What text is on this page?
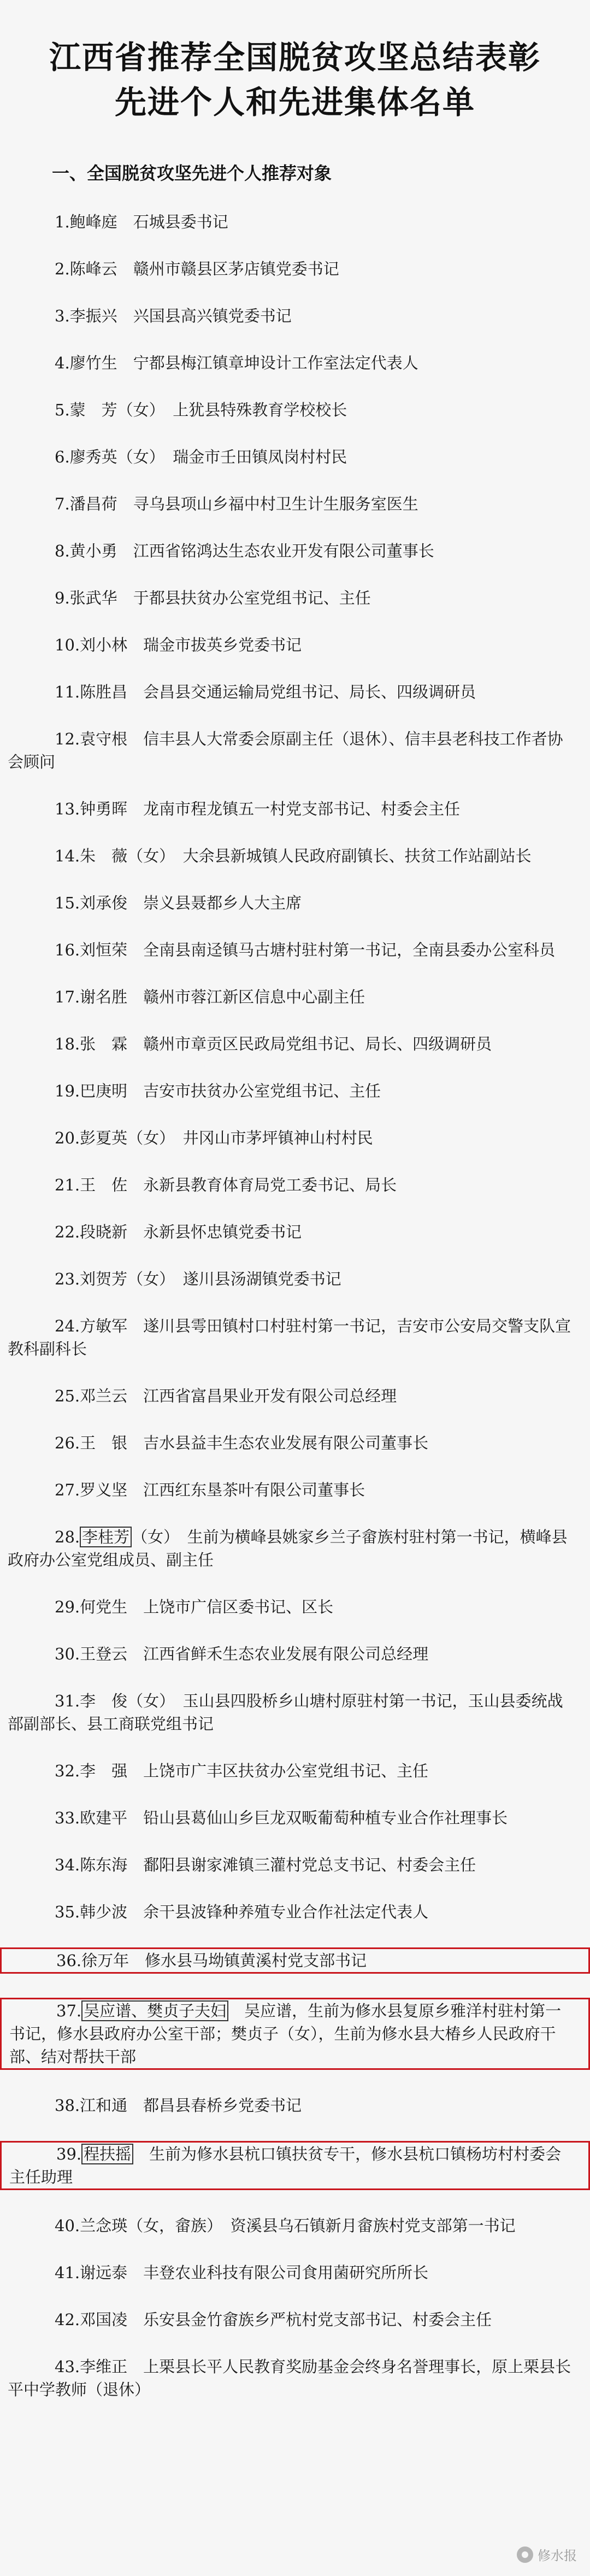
江西省推荐全国脱贫攻坚总结表彰
先进个人和先进集体名单
一、全国脱贫攻坚先进个人推荐对象
1.鲍峰庭　 石城县委书记
2.陈峰云　 赣州市赣县区茅店镇党委书记
3.李振兴　 兴国县高兴镇党委书记
4.廖竹生　 宁都县梅江镇章坤设计工作室法定代表人
5.蒙　芳（女）　 上犹县特殊教育学校校长
6.廖秀英（女）　 瑞金市壬田镇凤岗村村民
7.潘昌荷　 寻乌县项山乡福中村卫生计生服务室医生
8.黄小勇　 江西省铭鸿达生态农业开发有限公司董事长
9.张武华　 于都县扶贫办公室党组书记、主任
10.刘小林　 瑞金市拔英乡党委书记
11.陈胜昌　 会昌县交通运输局党组书记、局长、四级调研员
12.袁守根　 信丰县人大常委会原副主任（退休）、信丰县老科技工作者协会顾问
13.钟勇晖　 龙南市程龙镇五一村党支部书记、村委会主任
14.朱　薇（女）　 大余县新城镇人民政府副镇长、扶贫工作站副站长
15.刘承俊　 崇义县聂都乡人大主席
16.刘恒荣　 全南县南迳镇马古塘村驻村第一书记，全南县委办公室科员
17.谢名胜　 赣州市蓉江新区信息中心副主任
18.张　霖　 赣州市章贡区民政局党组书记、局长、四级调研员
19.巴庚明　 吉安市扶贫办公室党组书记、主任
20.彭夏英（女）　 井冈山市茅坪镇神山村村民
21.王　佐　 永新县教育体育局党工委书记、局长
22.段晓新　 永新县怀忠镇党委书记
23.刘贺芳（女）　 遂川县汤湖镇党委书记
24.方敏军　 遂川县雩田镇村口村驻村第一书记，吉安市公安局交警支队宣教科副科长
25.邓兰云　 江西省富昌果业开发有限公司总经理
26.王　银　 吉水县益丰生态农业发展有限公司董事长
27.罗义坚　 江西红东垦茶叶有限公司董事长
28. 李桂芳 （女）　 生前为横峰县姚家乡兰子畲族村驻村第一书记，横峰县政府办公室党组成员、副主任
29.何党生　 上饶市广信区委书记、区长
30.王登云　 江西省鲜禾生态农业发展有限公司总经理
31.李　俊（女）　 玉山县四股桥乡山塘村原驻村第一书记，玉山县委统战部副部长、县工商联党组书记
32.李　强　 上饶市广丰区扶贫办公室党组书记、主任
33.欧建平　 铅山县葛仙山乡巨龙双畈葡萄种植专业合作社理事长
34.陈东海　 鄱阳县谢家滩镇三灌村党总支书记、村委会主任
35.韩少波　 余干县波锋种养殖专业合作社法定代表人
36.徐万年　 修水县马坳镇黄溪村党支部书记
37. 吴应谱、樊贞子夫妇　 吴应谱，生前为修水县复原乡雅洋村驻村第一书记，修水县政府办公室干部；樊贞子（女），生前为修水县大椿乡人民政府干部、结对帮扶干部
38.江和通　 都昌县春桥乡党委书记
39. 程扶摇　 生前为修水县杭口镇扶贫专干，修水县杭口镇杨坊村村委会主任助理
40.兰念瑛（女，畲族）　 资溪县乌石镇新月畲族村党支部第一书记
41.谢远泰　 丰登农业科技有限公司食用菌研究所所长
42.邓国凌　 乐安县金竹畲族乡严杭村党支部书记、村委会主任
43.李维正　 上栗县长平人民教育奖励基金会终身名誉理事长，原上栗县长平中学教师（退休）
修水报
